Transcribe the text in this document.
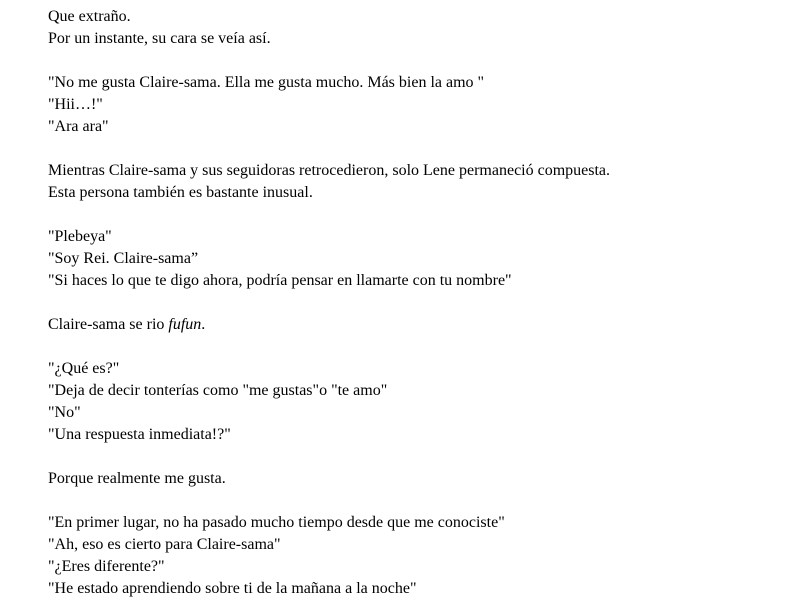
Que extraño.
Por un instante, su cara se veía así.
"No me gusta Claire-sama. Ella me gusta mucho. Más bien la amo "
"Hii…!"
"Ara ara"
Mientras Claire-sama y sus seguidoras retrocedieron, solo Lene permaneció compuesta.
Esta persona también es bastante inusual.
"Plebeya"
"Soy Rei. Claire-sama”
"Si haces lo que te digo ahora, podría pensar en llamarte con tu nombre"
Claire-sama se rio fufun.
"¿Qué es?"
"Deja de decir tonterías como "me gustas"o "te amo"
"No"
"Una respuesta inmediata!?"
Porque realmente me gusta.
"En primer lugar, no ha pasado mucho tiempo desde que me conociste"
"Ah, eso es cierto para Claire-sama"
"¿Eres diferente?"
"He estado aprendiendo sobre ti de la mañana a la noche"
